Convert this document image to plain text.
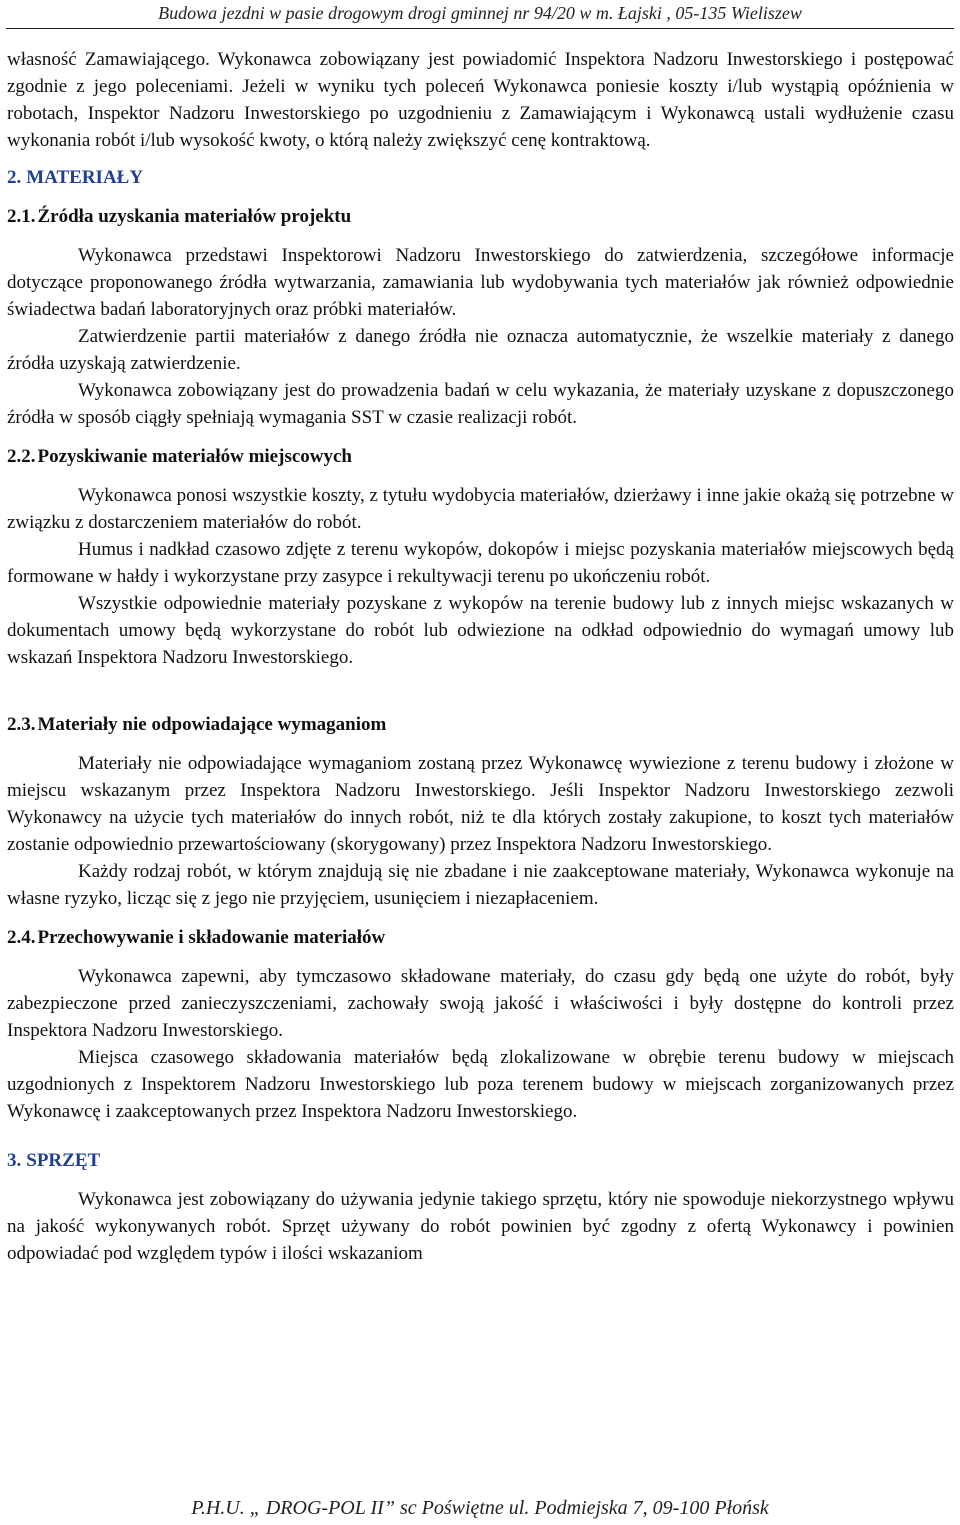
Budowa jezdni w pasie drogowym drogi gminnej nr 94/20 w m. Łajski , 05-135 Wieliszew

własność Zamawiającego. Wykonawca zobowiązany jest powiadomić Inspektora Nadzoru Inwestorskiego i postępować zgodnie z jego poleceniami. Jeżeli w wyniku tych poleceń Wykonawca poniesie koszty i/lub wystąpią opóźnienia w robotach, Inspektor Nadzoru Inwestorskiego po uzgodnieniu z Zamawiającym i Wykonawcą ustali wydłużenie czasu wykonania robót i/lub wysokość kwoty, o którą należy zwiększyć cenę kontraktową.

2. MATERIAŁY
2.1. Źródła uzyskania materiałów projektu

Wykonawca przedstawi Inspektorowi Nadzoru Inwestorskiego do zatwierdzenia, szczegółowe informacje dotyczące proponowanego źródła wytwarzania, zamawiania lub wydobywania tych materiałów jak również odpowiednie świadectwa badań laboratoryjnych oraz próbki materiałów.

Zatwierdzenie partii materiałów z danego źródła nie oznacza automatycznie, że wszelkie materiały z danego źródła uzyskają zatwierdzenie.

Wykonawca zobowiązany jest do prowadzenia badań w celu wykazania, że materiały uzyskane z dopuszczonego źródła w sposób ciągły spełniają wymagania SST w czasie realizacji robót.

2.2. Pozyskiwanie materiałów miejscowych

Wykonawca ponosi wszystkie koszty, z tytułu wydobycia materiałów, dzierżawy i inne jakie okażą się potrzebne w związku z dostarczeniem materiałów do robót.

Humus i nadkład czasowo zdjęte z terenu wykopów, dokopów i miejsc pozyskania materiałów miejscowych będą formowane w hałdy i wykorzystane przy zasypce i rekultywacji terenu po ukończeniu robót.

Wszystkie odpowiednie materiały pozyskane z wykopów na terenie budowy lub z innych miejsc wskazanych w dokumentach umowy będą wykorzystane do robót lub odwiezione na odkład odpowiednio do wymagań umowy lub wskazań Inspektora Nadzoru Inwestorskiego.

2.3. Materiały nie odpowiadające wymaganiom

Materiały nie odpowiadające wymaganiom zostaną przez Wykonawcę wywiezione z terenu budowy i złożone w miejscu wskazanym przez Inspektora Nadzoru Inwestorskiego. Jeśli Inspektor Nadzoru Inwestorskiego zezwoli Wykonawcy na użycie tych materiałów do innych robót, niż te dla których zostały zakupione, to koszt tych materiałów zostanie odpowiednio przewartościowany (skorygowany) przez Inspektora Nadzoru Inwestorskiego.

Każdy rodzaj robót, w którym znajdują się nie zbadane i nie zaakceptowane materiały, Wykonawca wykonuje na własne ryzyko, licząc się z jego nie przyjęciem, usunięciem i niezapłaceniem.

2.4. Przechowywanie i składowanie materiałów

Wykonawca zapewni, aby tymczasowo składowane materiały, do czasu gdy będą one użyte do robót, były zabezpieczone przed zanieczyszczeniami, zachowały swoją jakość i właściwości i były dostępne do kontroli przez Inspektora Nadzoru Inwestorskiego.

Miejsca czasowego składowania materiałów będą zlokalizowane w obrębie terenu budowy w miejscach uzgodnionych z Inspektorem Nadzoru Inwestorskiego lub poza terenem budowy w miejscach zorganizowanych przez Wykonawcę i zaakceptowanych przez Inspektora Nadzoru Inwestorskiego.

3. SPRZĘT

Wykonawca jest zobowiązany do używania jedynie takiego sprzętu, który nie spowoduje niekorzystnego wpływu na jakość wykonywanych robót. Sprzęt używany do robót powinien być zgodny z ofertą Wykonawcy i powinien odpowiadać pod względem typów i ilości wskazaniom

P.H.U. „ DROG-POL II” sc Poświętne ul. Podmiejska 7, 09-100 Płońsk
